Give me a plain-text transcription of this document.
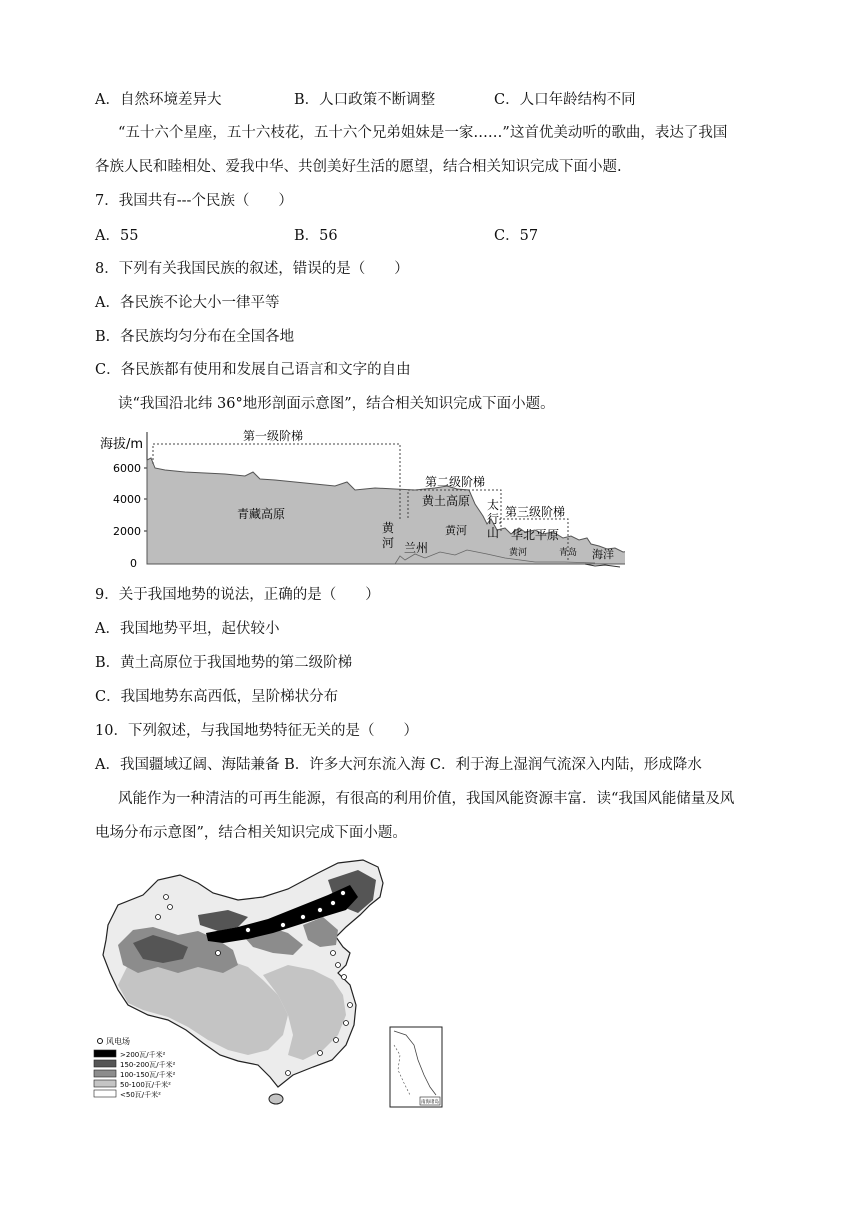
A．自然环境差异大	B．人口政策不断调整	C．人口年龄结构不同
“五十六个星座，五十六枝花，五十六个兄弟姐妹是一家……”这首优美动听的歌曲，表达了我国
各族人民和睦相处、爱我中华、共创美好生活的愿望，结合相关知识完成下面小题.
7．我国共有---个民族（　　）
A．55	B．56	C．57
8．下列有关我国民族的叙述，错误的是（　　）
A．各民族不论大小一律平等
B．各民族均匀分布在全国各地
C．各民族都有使用和发展自己语言和文字的自由
读“我国沿北纬 36°地形剖面示意图”，结合相关知识完成下面小题。
海拔/m
6000
4000
2000
0
第一级阶梯
第二级阶梯
第三级阶梯
青藏高原
黄土高原
华北平原
黄
河 兰州
黄河
太
行
山
黄河	青岛 海洋
9．关于我国地势的说法，正确的是（　　）
A．我国地势平坦，起伏较小
B．黄土高原位于我国地势的第二级阶梯
C．我国地势东高西低，呈阶梯状分布
10．下列叙述，与我国地势特征无关的是（　　）
A．我国疆域辽阔、海陆兼备 B．许多大河东流入海 C．利于海上湿润气流深入内陆，形成降水
风能作为一种清洁的可再生能源，有很高的利用价值，我国风能资源丰富．读“我国风能储量及风
电场分布示意图”，结合相关知识完成下面小题。
风电场
>200瓦/千米²
150-200瓦/千米²
100-150瓦/千米²
50-100瓦/千米²
<50瓦/千米²
南海诸岛
